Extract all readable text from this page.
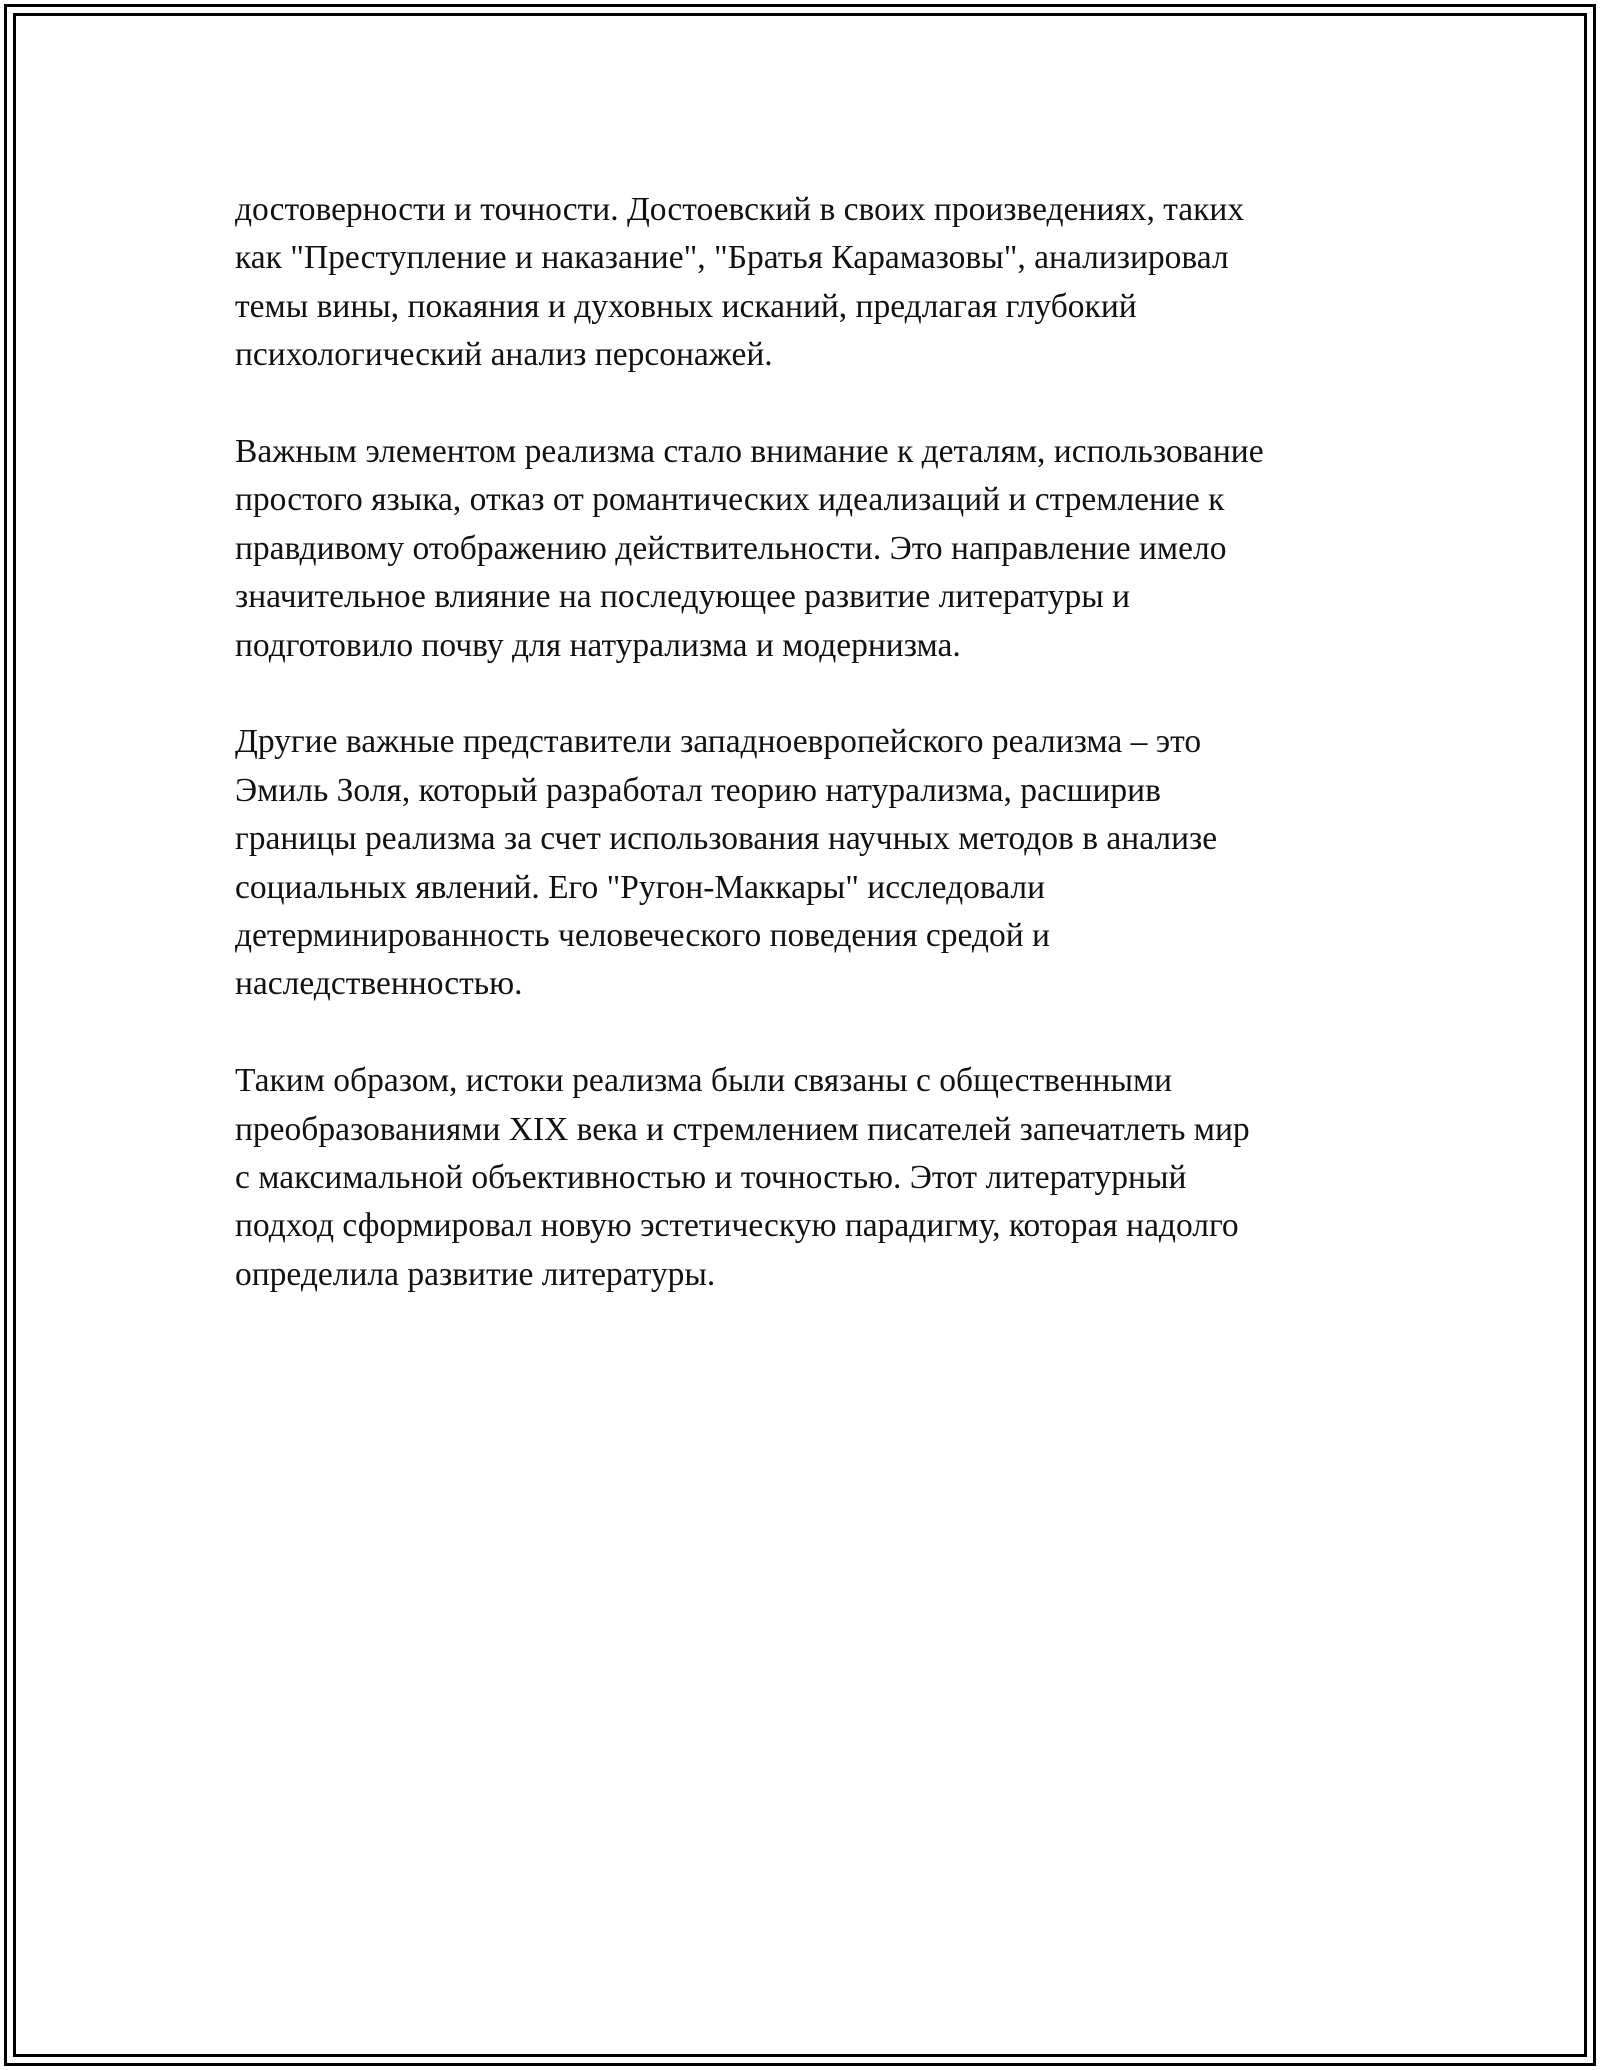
достоверности и точности. Достоевский в своих произведениях, таких
как "Преступление и наказание", "Братья Карамазовы", анализировал
темы вины, покаяния и духовных исканий, предлагая глубокий
психологический анализ персонажей.

Важным элементом реализма стало внимание к деталям, использование
простого языка, отказ от романтических идеализаций и стремление к
правдивому отображению действительности. Это направление имело
значительное влияние на последующее развитие литературы и
подготовило почву для натурализма и модернизма.

Другие важные представители западноевропейского реализма – это
Эмиль Золя, который разработал теорию натурализма, расширив
границы реализма за счет использования научных методов в анализе
социальных явлений. Его "Ругон-Маккары" исследовали
детерминированность человеческого поведения средой и
наследственностью.

Таким образом, истоки реализма были связаны с общественными
преобразованиями XIX века и стремлением писателей запечатлеть мир
с максимальной объективностью и точностью. Этот литературный
подход сформировал новую эстетическую парадигму, которая надолго
определила развитие литературы.
